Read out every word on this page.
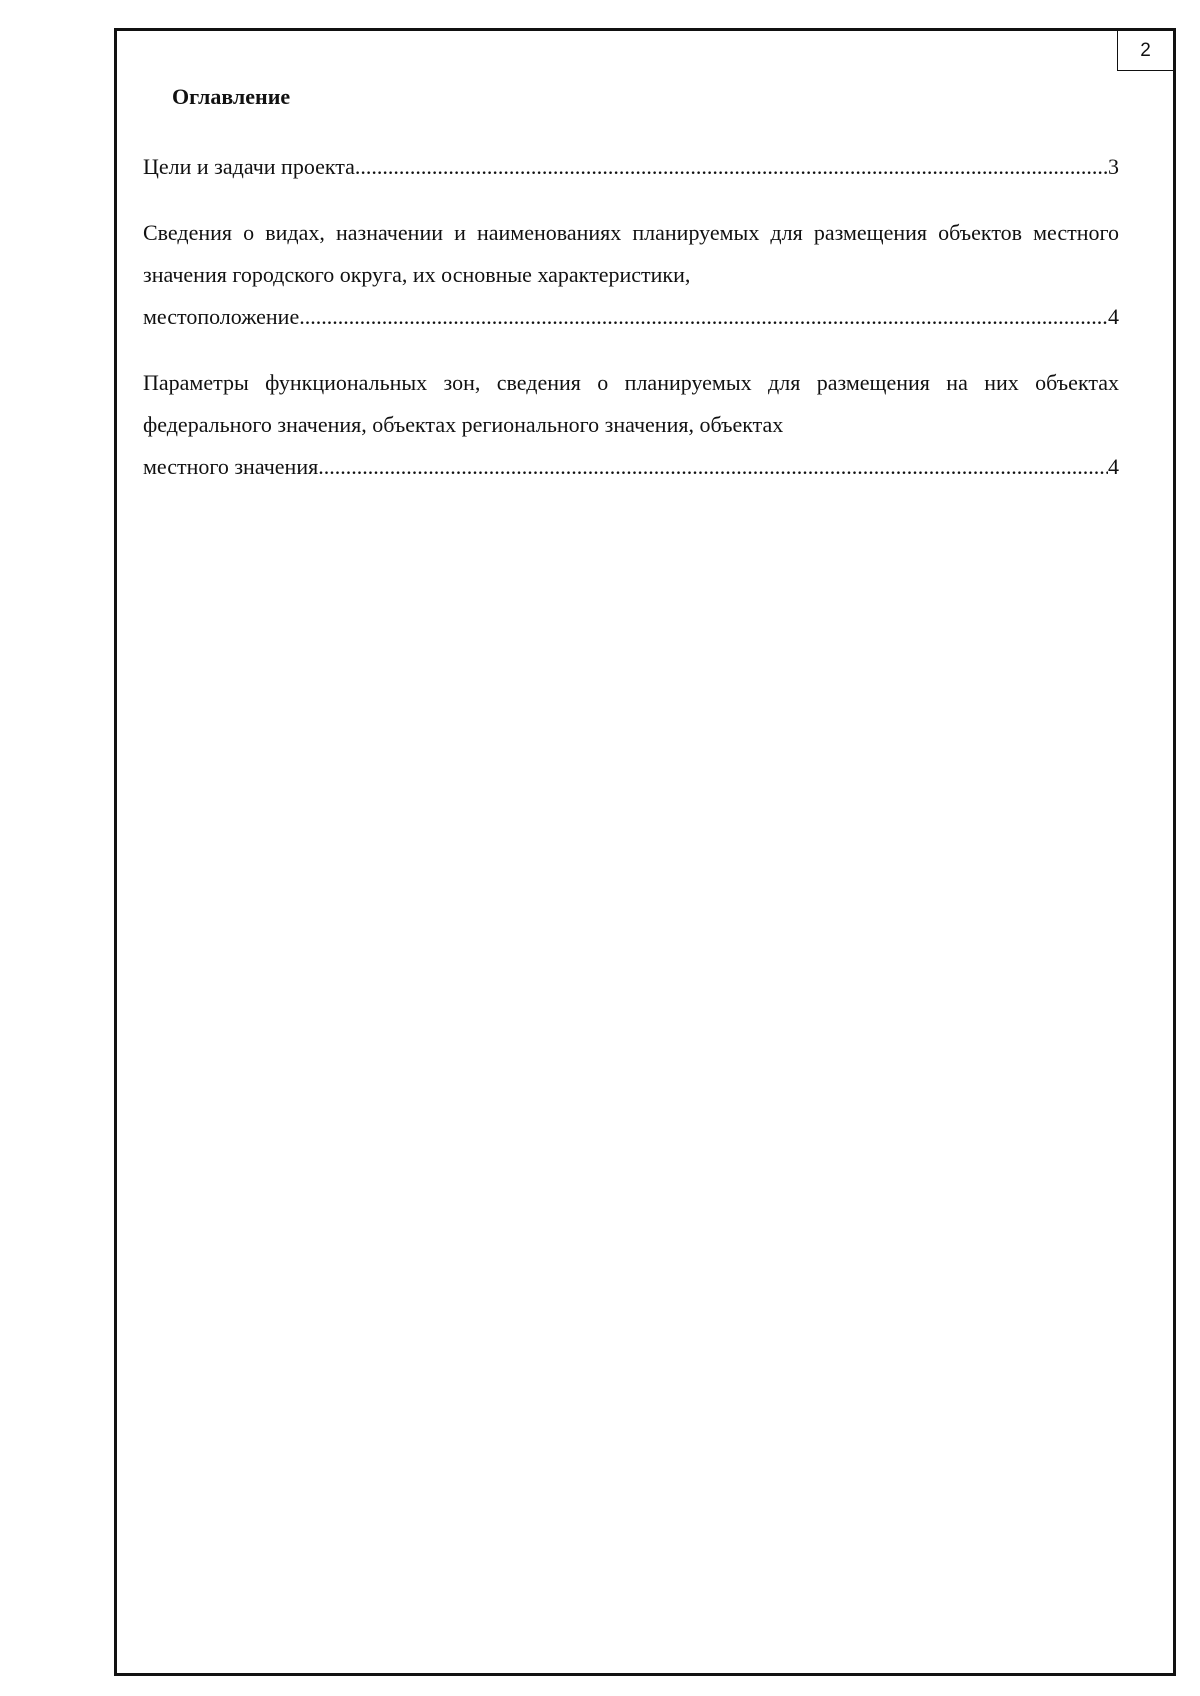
2
Оглавление
Цели и задачи проекта .....	3
Сведения о видах, назначении и наименованиях планируемых для размещения объектов местного значения городского округа, их основные характеристики,
местоположение .....	4
Параметры функциональных зон, сведения о планируемых для размещения на них объектах федерального значения, объектах регионального значения, объектах
местного значения .....	4
